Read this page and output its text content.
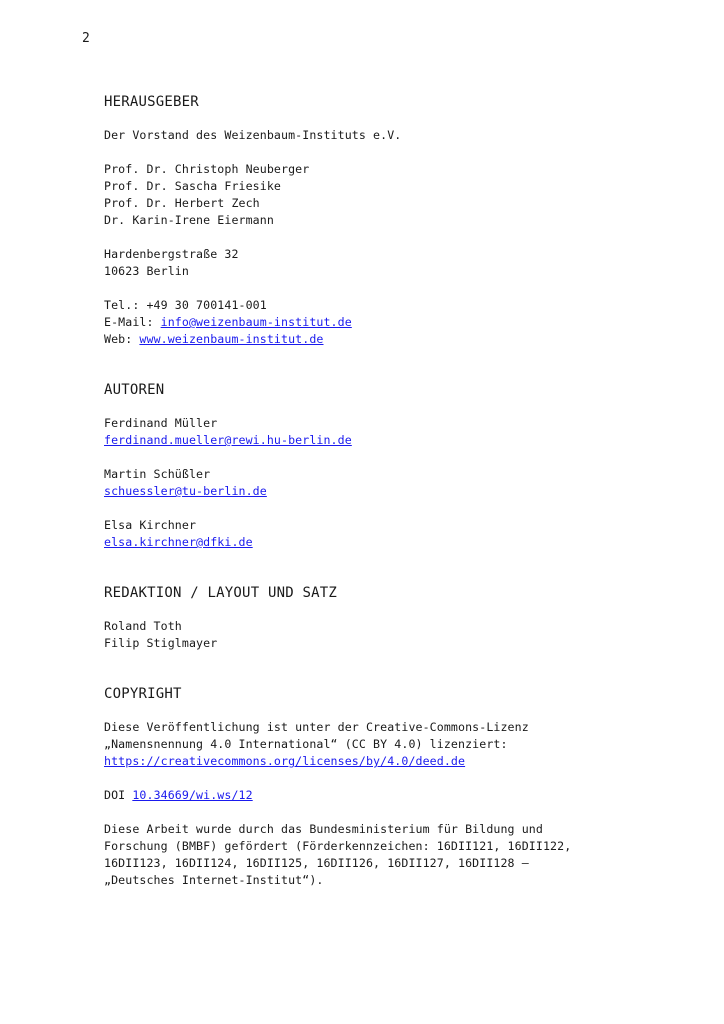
2
HERAUSGEBER
Der Vorstand des Weizenbaum-Instituts e.V.
Prof. Dr. Christoph Neuberger
Prof. Dr. Sascha Friesike
Prof. Dr. Herbert Zech
Dr. Karin-Irene Eiermann
Hardenbergstraße 32
10623 Berlin
Tel.: +49 30 700141-001
E-Mail: info@weizenbaum-institut.de
Web: www.weizenbaum-institut.de
AUTOREN
Ferdinand Müller
ferdinand.mueller@rewi.hu-berlin.de
Martin Schüßler
schuessler@tu-berlin.de
Elsa Kirchner
elsa.kirchner@dfki.de
REDAKTION / LAYOUT UND SATZ
Roland Toth
Filip Stiglmayer
COPYRIGHT
Diese Veröffentlichung ist unter der Creative-Commons-Lizenz
„Namensnennung 4.0 International“ (CC BY 4.0) lizenziert:
https://creativecommons.org/licenses/by/4.0/deed.de
DOI 10.34669/wi.ws/12
Diese Arbeit wurde durch das Bundesministerium für Bildung und
Forschung (BMBF) gefördert (Förderkennzeichen: 16DII121, 16DII122,
16DII123, 16DII124, 16DII125, 16DII126, 16DII127, 16DII128 –
„Deutsches Internet-Institut“).
